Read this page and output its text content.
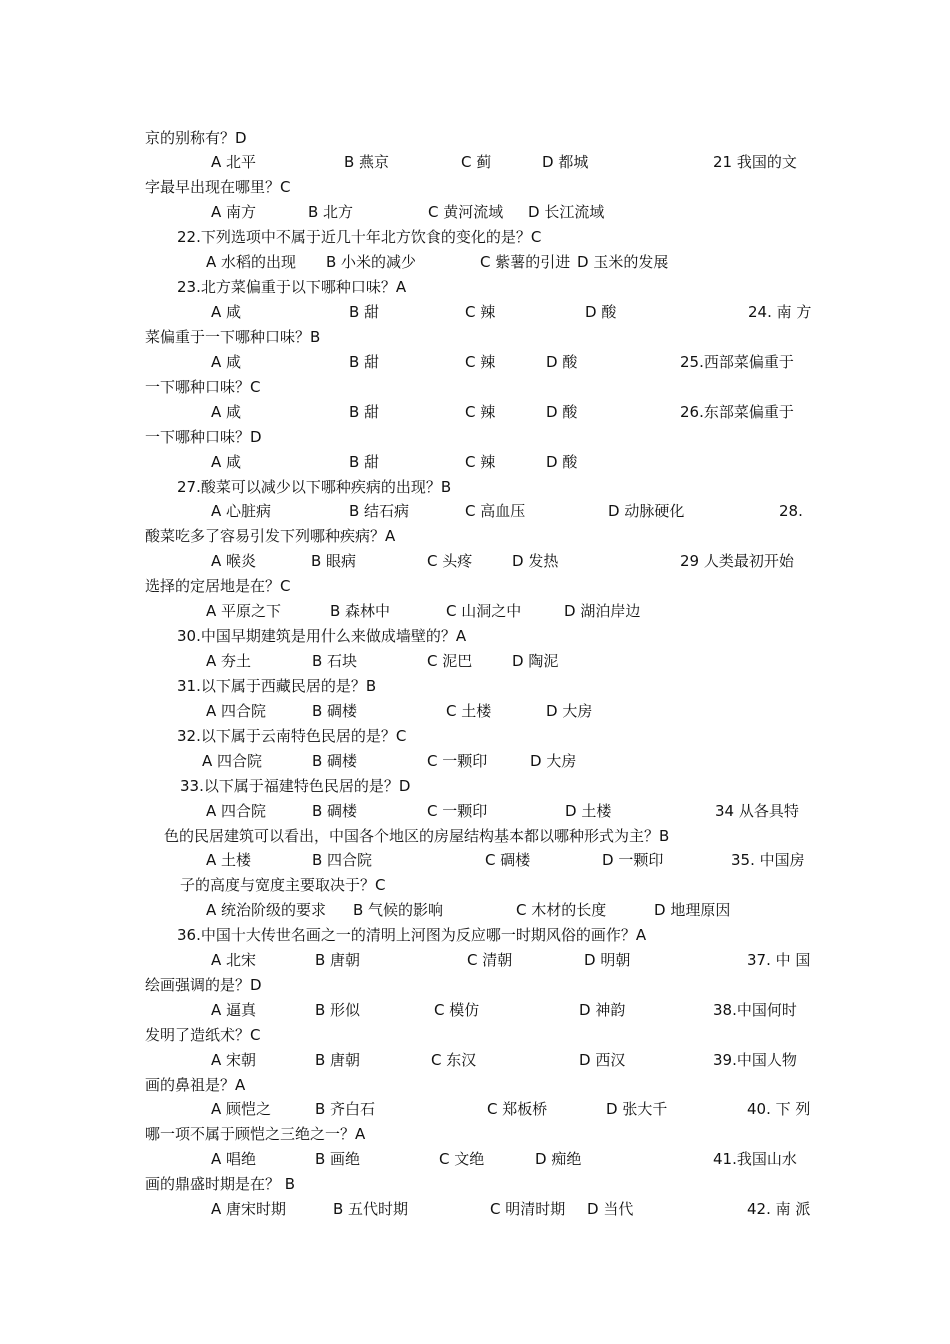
京的别称有？D
A 北平	B 燕京	C 蓟	D 都城	21 我国的文
字最早出现在哪里？C
A 南方	B 北方	C 黄河流域 D 长江流域
22.下列选项中不属于近几十年北方饮食的变化的是？C
A 水稻的出现 B 小米的减少	C 紫薯的引进 D 玉米的发展
23.北方菜偏重于以下哪种口味？A
A 咸	B 甜	C 辣	D 酸	24. 南 方
菜偏重于一下哪种口味？B
A 咸	B 甜	C 辣	D 酸	25.西部菜偏重于
一下哪种口味？C
A 咸	B 甜	C 辣	D 酸	26.东部菜偏重于
一下哪种口味？D
A 咸	B 甜	C 辣	D 酸
27.酸菜可以减少以下哪种疾病的出现？B
A 心脏病	B 结石病	C 高血压	D 动脉硬化	28.
酸菜吃多了容易引发下列哪种疾病？A
A 喉炎	B 眼病	C 头疼	D 发热	29 人类最初开始
选择的定居地是在？C
A 平原之下	B 森林中	C 山洞之中	D 湖泊岸边
30.中国早期建筑是用什么来做成墙壁的？A
A 夯土	B 石块	C 泥巴	D 陶泥
31.以下属于西藏民居的是？B
A 四合院	B 碉楼	C 土楼	D 大房
32.以下属于云南特色民居的是？C
A 四合院	B 碉楼	C 一颗印	D 大房
33.以下属于福建特色民居的是？D
A 四合院	B 碉楼	C 一颗印	D 土楼	34 从各具特
色的民居建筑可以看出，中国各个地区的房屋结构基本都以哪种形式为主？B
A 土楼	B 四合院	C 碉楼	D 一颗印	35. 中国房
子的高度与宽度主要取决于？C
A 统治阶级的要求 B 气候的影响	C 木材的长度	D 地理原因
36.中国十大传世名画之一的清明上河图为反应哪一时期风俗的画作？A
A 北宋	B 唐朝	C 清朝	D 明朝	37. 中 国
绘画强调的是？D
A 逼真	B 形似	C 模仿	D 神韵	38.中国何时
发明了造纸术？C
A 宋朝	B 唐朝	C 东汉	D 西汉	39.中国人物
画的鼻祖是？A
A 顾恺之	B 齐白石	C 郑板桥	D 张大千	40. 下 列
哪一项不属于顾恺之三绝之一？A
A 唱绝	B 画绝	C 文绝	D 痴绝	41.我国山水
画的鼎盛时期是在？ B
A 唐宋时期	B 五代时期	C 明清时期 D 当代	42. 南 派
